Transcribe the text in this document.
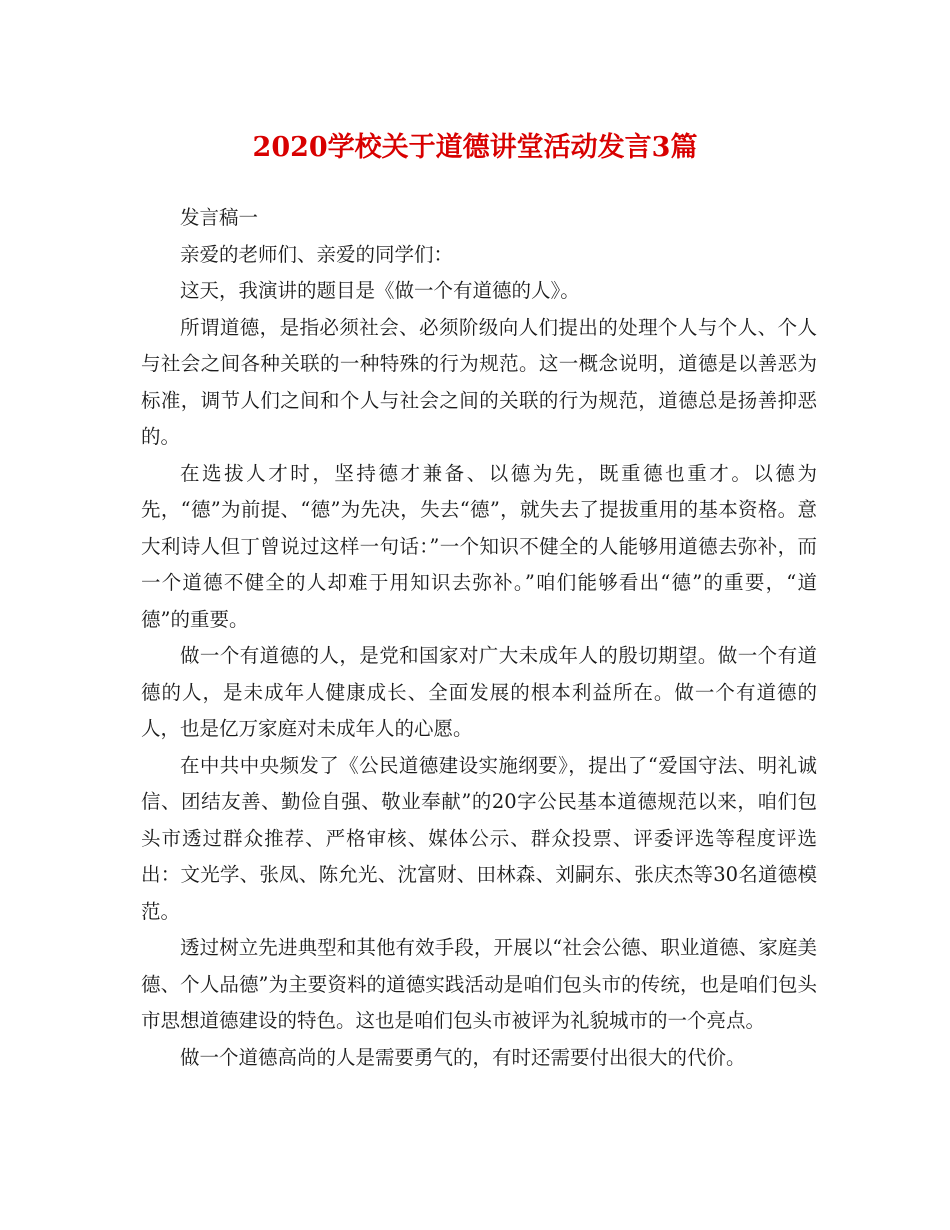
2020学校关于道德讲堂活动发言3篇

发言稿一

亲爱的老师们、亲爱的同学们：

这天，我演讲的题目是《做一个有道德的人》。

所谓道德，是指必须社会、必须阶级向人们提出的处理个人与个人、个人与社会之间各种关联的一种特殊的行为规范。这一概念说明，道德是以善恶为标准，调节人们之间和个人与社会之间的关联的行为规范，道德总是扬善抑恶的。

在选拔人才时，坚持德才兼备、以德为先，既重德也重才。以德为先，“德”为前提、“德”为先决，失去“德”，就失去了提拔重用的基本资格。意大利诗人但丁曾说过这样一句话：”一个知识不健全的人能够用道德去弥补，而一个道德不健全的人却难于用知识去弥补。”咱们能够看出“德”的重要，“道德”的重要。

做一个有道德的人，是党和国家对广大未成年人的殷切期望。做一个有道德的人，是未成年人健康成长、全面发展的根本利益所在。做一个有道德的人，也是亿万家庭对未成年人的心愿。

在中共中央频发了《公民道德建设实施纲要》，提出了“爱国守法、明礼诚信、团结友善、勤俭自强、敬业奉献”的20字公民基本道德规范以来，咱们包头市透过群众推荐、严格审核、媒体公示、群众投票、评委评选等程度评选出：文光学、张凤、陈允光、沈富财、田林森、刘嗣东、张庆杰等30名道德模范。

透过树立先进典型和其他有效手段，开展以“社会公德、职业道德、家庭美德、个人品德”为主要资料的道德实践活动是咱们包头市的传统，也是咱们包头市思想道德建设的特色。这也是咱们包头市被评为礼貌城市的一个亮点。

做一个道德高尚的人是需要勇气的，有时还需要付出很大的代价。
